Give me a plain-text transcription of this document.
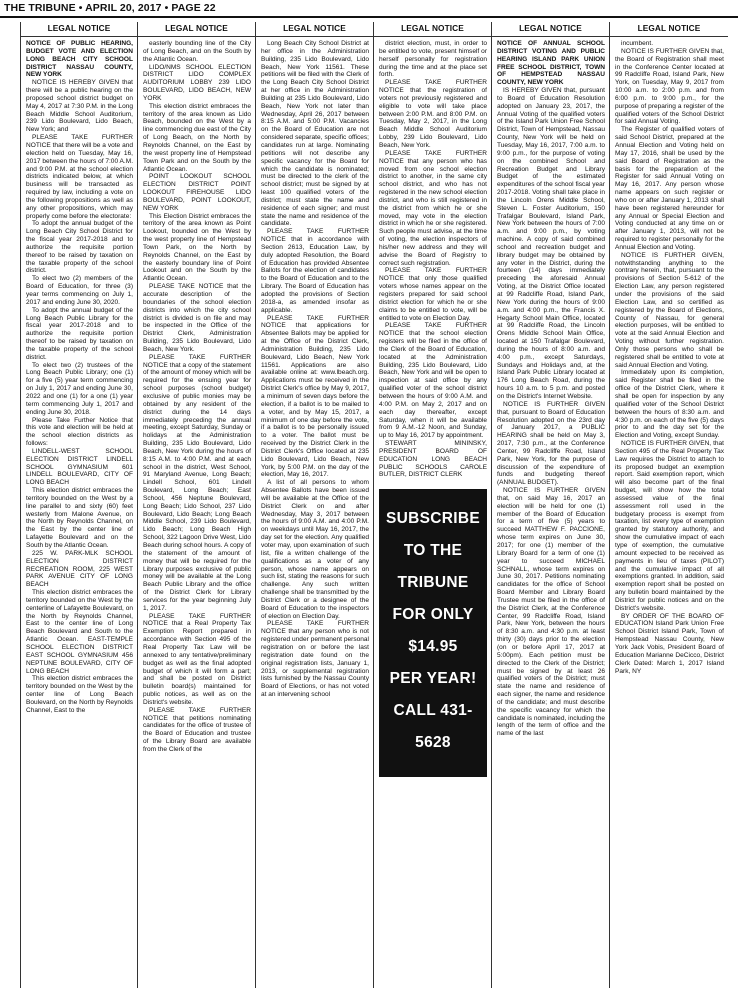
THE TRIBUNE • APRIL 20, 2017 • PAGE 22
LEGAL NOTICE

NOTICE OF PUBLIC HEARING, BUDGET VOTE AND ELECTION LONG BEACH CITY SCHOOL DISTRICT NASSAU COUNTY, NEW YORK

NOTICE IS HEREBY GIVEN that there will be a public hearing on the proposed school district budget on May 4, 2017 at 7:30 P.M. in the Long Beach Middle School Auditorium, 239 Lido Boulevard, Lido Beach, New York; and

PLEASE TAKE FURTHER NOTICE that there will be a vote and election held on Tuesday, May 16, 2017 between the hours of 7:00 A.M. and 9:00 P.M. at the school election districts indicated below, at which business will be transacted as required by law, including a vote on the following propositions as well as any other propositions, which may properly come before the electorate:

To adopt the annual budget of the Long Beach City School District for the fiscal year 2017-2018 and to authorize the requisite portion thereof to be raised by taxation on the taxable property of the school district.

To elect two (2) members of the Board of Education, for three (3) year terms commencing on July 1, 2017 and ending June 30, 2020.

To adopt the annual budget of the Long Beach Public Library for the fiscal year 2017-2018 and to authorize the requisite portion thereof to be raised by taxation on the taxable property of the school district.

To elect two (2) trustees of the Long Beach Public Library; one (1) for a five (5) year term commencing on July 1, 2017 and ending June 30, 2022 and one (1) for a one (1) year term commencing July 1, 2017 and ending June 30, 2018.

Please Take Further Notice that this vote and election will be held at the school election districts as follows:

LINDELL-WEST SCHOOL ELECTION DISTRICT LINDELL SCHOOL GYMNASIUM 601 LINDELL BOULEVARD, CITY OF LONG BEACH

This election district embraces the territory bounded on the West by a line parallel to and sixty (60) feet westerly from Malone Avenue, on the North by Reynolds Channel, on the East by the center line of Lafayette Boulevard and on the South by the Atlantic Ocean.

225 W. PARK-MLK SCHOOL ELECTION DISTRICT RECREATION ROOM, 225 WEST PARK AVENUE CITY OF LONG BEACH

This election district embraces the territory bounded on the West by the centerline of Lafayette Boulevard, on the North by Reynolds Channel, East to the center line of Long Beach Boulevard and South to the Atlantic Ocean. EAST-TEMPLE SCHOOL ELECTION DISTRICT EAST SCHOOL GYMNASIUM 456 NEPTUNE BOULEVARD, CITY OF LONG BEACH

This election district embraces the territory bounded on the West by the center line of Long Beach Boulevard, on the North by Reynolds Channel, East to the

LEGAL NOTICE

easterly bounding line of the City of Long Beach, and on the South by the Atlantic Ocean.

LIDO/NMS SCHOOL ELECTION DISTRICT LIDO COMPLEX AUDITORIUM LOBBY 239 LIDO BOULEVARD, LIDO BEACH, NEW YORK

This election district embraces the territory of the area known as Lido Beach, bounded on the West by a line commencing due east of the City of Long Beach, on the North by Reynolds Channel, on the East by the west property line of Hempstead Town Park and on the South by the Atlantic Ocean.

POINT LOOKOUT SCHOOL ELECTION DISTRICT POINT LOOKOUT FIREHOUSE LIDO BOULEVARD, POINT LOOKOUT, NEW YORK

This Election District embraces the territory of the area known as Point Lookout, bounded on the West by the west property line of Hempstead Town Park, on the North by Reynolds Channel, on the East by the easterly boundary line of Point Lookout and on the South by the Atlantic Ocean.

PLEASE TAKE NOTICE that the accurate description of the boundaries of the school election districts into which the city school district is divided is on file and may be inspected in the Office of the District Clerk, Administration Building, 235 Lido Boulevard, Lido Beach, New York.

PLEASE TAKE FURTHER NOTICE that a copy of the statement of the amount of money which will be required for the ensuing year for school purposes (school budget) exclusive of public monies may be obtained by any resident of the district during the 14 days immediately preceding the annual meeting, except Saturday, Sunday or holidays at the Administration Building, 235 Lido Boulevard, Lido Beach, New York during the hours of 8:15 A.M. to 4:00 P.M. and at each school in the district, West School, 91 Maryland Avenue, Long Beach; Lindell School, 601 Lindell Boulevard, Long Beach; East School, 456 Neptune Boulevard, Long Beach; Lido School, 237 Lido Boulevard, Lido Beach; Long Beach Middle School, 239 Lido Boulevard, Lido Beach; Long Beach High School, 322 Lagoon Drive West, Lido Beach during school hours. A copy of the statement of the amount of money that will be required for the Library purposes exclusive of public money will be available at the Long Beach Public Library and the office of the District Clerk for Library services for the year beginning July 1, 2017.

PLEASE TAKE FURTHER NOTICE that a Real Property Tax Exemption Report prepared in accordance with Section 495 of the Real Property Tax Law will be annexed to any tentative/preliminary budget as well as the final adopted budget of which it will form a part; and shall be posted on District bulletin board(s) maintained for public notices, as well as on the District's website.

PLEASE TAKE FURTHER NOTICE that petitions nominating candidates for the office of trustee of the Board of Education and trustee of the Library Board are available from the Clerk of the

LEGAL NOTICE

Long Beach City School District at her office in the Administration Building, 235 Lido Boulevard, Lido Beach, New York 11561. These petitions will be filed with the Clerk of the Long Beach City School District at her office in the Administration Building at 235 Lido Boulevard, Lido Beach, New York not later than Wednesday, April 26, 2017 between 8:15 A.M. and 5:00 P.M. Vacancies on the Board of Education are not considered separate, specific offices; candidates run at large. Nominating petitions will not describe any specific vacancy for the Board for which the candidate is nominated; must be directed to the clerk of the school district; must be signed by at least 100 qualified voters of the district; must state the name and residence of each signer; and must state the name and residence of the candidate.

PLEASE TAKE FURTHER NOTICE that in accordance with Section 2613, Education Law, by duly adopted Resolution, the Board of Education has provided Absentee Ballots for the election of candidates to the Board of Education and to the Library. The Board of Education has adopted the provisions of Section 2018-a, as amended insofar as applicable.

PLEASE TAKE FURTHER NOTICE that applications for Absentee Ballots may be applied for at the Office of the District Clerk, Administration Building, 235 Lido Boulevard, Lido Beach, New York 11561. Applications are also available online at: www.lbeach.org. Applications must be received in the District Clerk's office by May 9, 2017, a minimum of seven days before the election, if a ballot is to be mailed to a voter, and by May 15, 2017, a minimum of one day before the vote, if a ballot is to be personally issued to a voter. The ballot must be received by the District Clerk in the District Clerk's Office located at 235 Lido Boulevard, Lido Beach, New York, by 5:00 P.M. on the day of the election, May 16, 2017.

A list of all persons to whom Absentee Ballots have been issued will be available at the Office of the District Clerk on and after Wednesday, May 3, 2017 between the hours of 9:00 A.M. and 4:00 P.M. on weekdays until May 16, 2017, the day set for the election. Any qualified voter may, upon examination of such list, file a written challenge of the qualifications as a voter of any person, whose name appears on such list, stating the reasons for such challenge. Any such written challenge shall be transmitted by the District Clerk or a designee of the Board of Education to the inspectors of election on Election Day.

PLEASE TAKE FURTHER NOTICE that any person who is not registered under permanent personal registration on or before the last registration date found on the original registration lists, January 1, 2013, or supplemental registration lists furnished by the Nassau County Board of Elections, or has not voted at an intervening school

LEGAL NOTICE

district election, must, in order to be entitled to vote, present himself or herself personally for registration during the time and at the place set forth.

PLEASE TAKE FURTHER NOTICE that the registration of voters not previously registered and eligible to vote will take place between 2:00 P.M. and 8:00 P.M. on Tuesday, May 2, 2017, in the Long Beach Middle School Auditorium Lobby, 239 Lido Boulevard, Lido Beach, New York.

PLEASE TAKE FURTHER NOTICE that any person who has moved from one school election district to another, in the same city school district, and who has not registered in the new school election district, and who is still registered in the district from which he or she moved, may vote in the election district in which he or she registered. Such people must advise, at the time of voting, the election inspectors of his/her new address and they will advise the Board of Registry to correct such registration.

PLEASE TAKE FURTHER NOTICE that only those qualified voters whose names appear on the registers prepared for said school district election for which he or she claims to be entitled to vote, will be entitled to vote on Election Day.

PLEASE TAKE FURTHER NOTICE that the school election registers will be filed in the office of the Clerk of the Board of Education, located at the Administration Building, 235 Lido Boulevard, Lido Beach, New York and will be open to inspection at said office by any qualified voter of the school district between the hours of 9:00 A.M. and 4:00 P.M. on May 2, 2017 and on each day thereafter, except Saturday, when it will be available from 9 A.M.-12 Noon, and Sunday, up to May 16, 2017 by appointment.

STEWART MININSKY, PRESIDENT BOARD OF EDUCATION LONG BEACH PUBLIC SCHOOLS CAROLE BUTLER, DISTRICT CLERK

SUBSCRIBE
TO THE
TRIBUNE
FOR ONLY
$14.95
PER YEAR!
CALL 431-
5628
LEGAL NOTICE

NOTICE OF ANNUAL SCHOOL DISTRICT VOTING AND PUBLIC HEARING ISLAND PARK UNION FREE SCHOOL DISTRICT, TOWN OF HEMPSTEAD NASSAU COUNTY, NEW YORK

IS HEREBY GIVEN that, pursuant to Board of Education Resolution adopted on January 23, 2017, the Annual Voting of the qualified voters of the Island Park Union Free School District, Town of Hempstead, Nassau County, New York will be held on Tuesday, May 16, 2017, 7:00 a.m. to 9:00 p.m., for the purpose of voting on the combined School and Recreation Budget and Library Budget of the estimated expenditures of the school fiscal year 2017-2018. Voting shall take place in the Lincoln Orens Middle School, Steven L. Foster Auditorium, 150 Trafalgar Boulevard, Island Park, New York between the hours of 7:00 a.m. and 9:00 p.m., by voting machine. A copy of said combined school and recreation budget and library budget may be obtained by any voter in the District, during the fourteen (14) days immediately preceding the aforesaid Annual Voting, at the District Office located at 99 Radcliffe Road, Island Park, New York during the hours of 9:00 a.m. and 4:00 p.m., the Francis X. Hegarty School Main Office, located at 99 Radcliffe Road, the Lincoln Orens Middle School Main Office, located at 150 Trafalgar Boulevard, during the hours of 8:00 a.m. and 4:00 p.m., except Saturdays, Sundays and Holidays and, at the Island Park Public Library located at 176 Long Beach Road, during the hours 10 a.m. to 5 p.m. and posted on the District's Internet Website.

NOTICE IS FURTHER GIVEN that, pursuant to Board of Education Resolution adopted on the 23rd day of January 2017, a PUBLIC HEARING shall be held on May 3, 2017, 7:30 p.m., at the Conference Center, 99 Radcliffe Road, Island Park, New York, for the purpose of discussion of the expenditure of funds and budgeting thereof (ANNUAL BUDGET).

NOTICE IS FURTHER GIVEN that, on said May 16, 2017 an election will be held for one (1) member of the Board of Education for a term of five (5) years to succeed MATTHEW F. PACCIONE, whose term expires on June 30, 2017; for one (1) member of the Library Board for a term of one (1) year to succeed MICHAEL SCHNALL, whose term expires on June 30, 2017. Petitions nominating candidates for the office of School Board Member and Library Board Trustee must be filed in the office of the District Clerk, at the Conference Center, 99 Radcliffe Road, Island Park, New York, between the hours of 8:30 a.m. and 4:30 p.m. at least thirty (30) days prior to the election (on or before April 17, 2017 at 5:00pm). Each petition must be directed to the Clerk of the District; must be signed by at least 26 qualified voters of the District; must state the name and residence of each signer, the name and residence of the candidate; and must describe the specific vacancy for which the candidate is nominated, including the length of the term of office and the name of the last

LEGAL NOTICE

incumbent.

NOTICE IS FURTHER GIVEN that, the Board of Registration shall meet in the Conference Center located at 99 Radcliffe Road, Island Park, New York, on Tuesday, May 9, 2017 from 10:00 a.m. to 2:00 p.m. and from 6:00 p.m. to 9:00 p.m., for the purpose of preparing a register of the qualified voters of the School District for said Annual Voting.

The Register of qualified voters of said School District, prepared at the Annual Election and Voting held on May 17, 2016, shall be used by the said Board of Registration as the basis for the preparation of the Register for said Annual Voting on May 16, 2017. Any person whose name appears on such register or who on or after January 1, 2013 shall have been registered hereunder for any Annual or Special Election and Voting conducted at any time on or after January 1, 2013, will not be required to register personally for the Annual Election and Voting.

NOTICE IS FURTHER GIVEN, notwithstanding anything to the contrary herein, that, pursuant to the provisions of Section 5-612 of the Election Law, any person registered under the provisions of the said Election Law, and so certified as registered by the Board of Elections, County of Nassau, for general election purposes, will be entitled to vote at the said Annual Election and Voting without further registration. Only those persons who shall be registered shall be entitled to vote at said Annual Election and Voting.

Immediately upon its completion, said Register shall be filed in the office of the District Clerk, where it shall be open for inspection by any qualified voter of the School District between the hours of 8:30 a.m. and 4:30 p.m. on each of the five (5) days prior to and the day set for the Election and Voting, except Sunday.

NOTICE IS FURTHER GIVEN, that Section 495 of the Real Property Tax Law requires the District to attach to its proposed budget an exemption report. Said exemption report, which will also become part of the final budget, will show how the total assessed value of the final assessment roll used in the budgetary process is exempt from taxation, list every type of exemption granted by statutory authority, and show the cumulative impact of each type of exemption, the cumulative amount expected to be received as payments in lieu of taxes (PILOT) and the cumulative impact of all exemptions granted. In addition, said exemption report shall be posted on any bulletin board maintained by the District for public notices and on the District's website.

BY ORDER OF THE BOARD OF EDUCATION Island Park Union Free School District Island Park, Town of Hempstead Nassau County, New York Jack Vobis, President Board of Education Marianne DeCicco, District Clerk Dated: March 1, 2017 Island Park, NY
